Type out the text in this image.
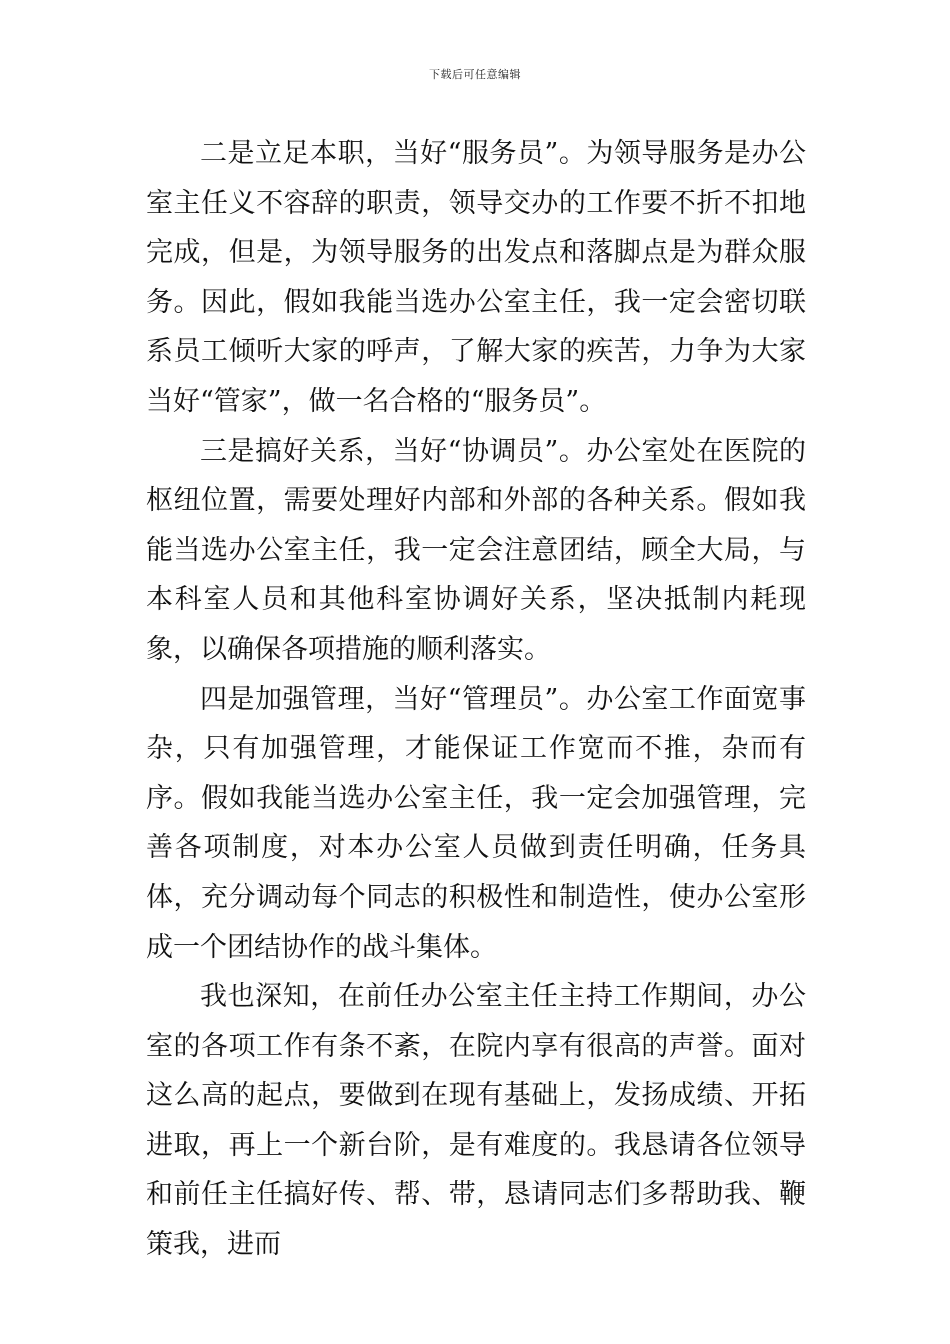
下载后可任意编辑

二是立足本职，当好“服务员”。为领导服务是办公室主任义不容辞的职责，领导交办的工作要不折不扣地完成，但是，为领导服务的出发点和落脚点是为群众服务。因此，假如我能当选办公室主任，我一定会密切联系员工倾听大家的呼声，了解大家的疾苦，力争为大家当好“管家”，做一名合格的“服务员”。

三是搞好关系，当好“协调员”。办公室处在医院的枢纽位置，需要处理好内部和外部的各种关系。假如我能当选办公室主任，我一定会注意团结，顾全大局，与本科室人员和其他科室协调好关系，坚决抵制内耗现象，以确保各项措施的顺利落实。

四是加强管理，当好“管理员”。办公室工作面宽事杂，只有加强管理，才能保证工作宽而不推，杂而有序。假如我能当选办公室主任，我一定会加强管理，完善各项制度，对本办公室人员做到责任明确，任务具体，充分调动每个同志的积极性和制造性，使办公室形成一个团结协作的战斗集体。

我也深知，在前任办公室主任主持工作期间，办公室的各项工作有条不紊，在院内享有很高的声誉。面对这么高的起点，要做到在现有基础上，发扬成绩、开拓进取，再上一个新台阶，是有难度的。我恳请各位领导和前任主任搞好传、帮、带，恳请同志们多帮助我、鞭策我，进而
